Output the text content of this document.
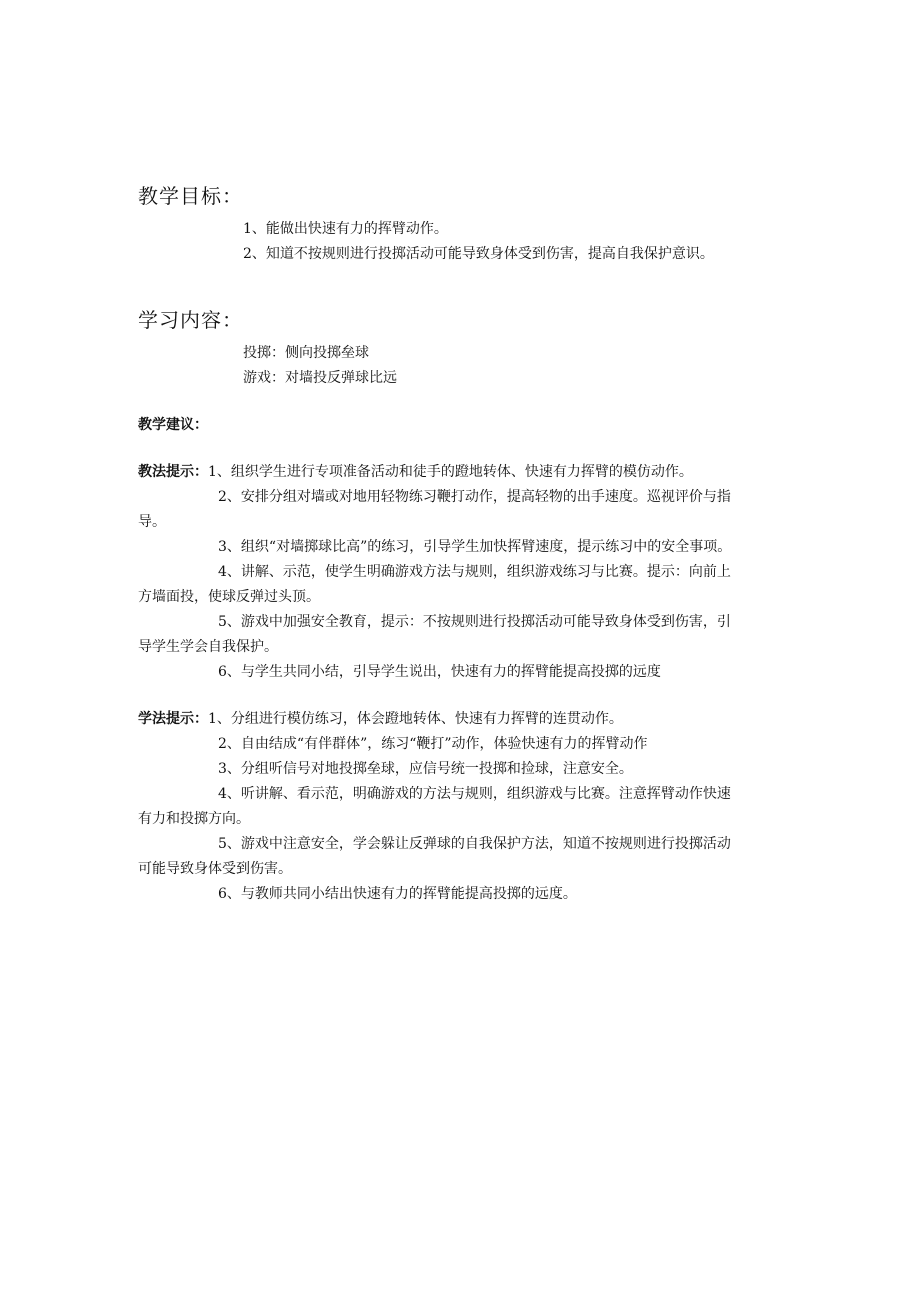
教学目标：
1、能做出快速有力的挥臂动作。
2、知道不按规则进行投掷活动可能导致身体受到伤害，提高自我保护意识。
学习内容：
投掷：侧向投掷垒球
游戏：对墙投反弹球比远
教学建议：
教法提示：1、组织学生进行专项准备活动和徒手的蹬地转体、快速有力挥臂的模仿动作。
2、安排分组对墙或对地用轻物练习鞭打动作，提高轻物的出手速度。巡视评价与指
导。
3、组织“对墙掷球比高”的练习，引导学生加快挥臂速度，提示练习中的安全事项。
4、讲解、示范，使学生明确游戏方法与规则，组织游戏练习与比赛。提示：向前上
方墙面投，使球反弹过头顶。
5、游戏中加强安全教育，提示：不按规则进行投掷活动可能导致身体受到伤害，引
导学生学会自我保护。
6、与学生共同小结，引导学生说出，快速有力的挥臂能提高投掷的远度
学法提示：1、分组进行模仿练习，体会蹬地转体、快速有力挥臂的连贯动作。
2、自由结成“有伴群体”，练习“鞭打”动作，体验快速有力的挥臂动作
3、分组听信号对地投掷垒球，应信号统一投掷和捡球，注意安全。
4、听讲解、看示范，明确游戏的方法与规则，组织游戏与比赛。注意挥臂动作快速
有力和投掷方向。
5、游戏中注意安全，学会躲让反弹球的自我保护方法，知道不按规则进行投掷活动
可能导致身体受到伤害。
6、与教师共同小结出快速有力的挥臂能提高投掷的远度。
